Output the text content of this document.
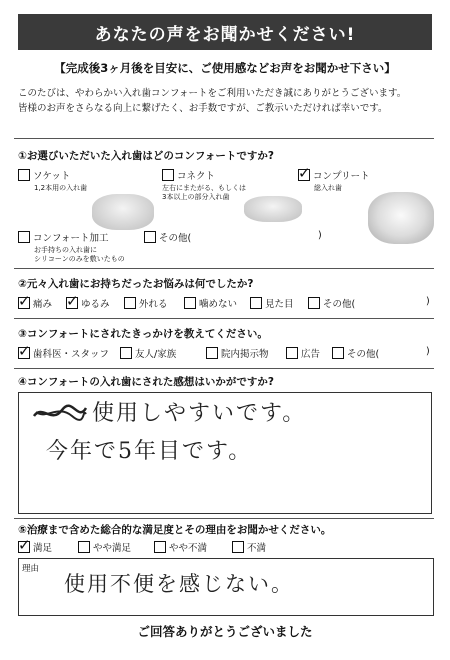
あなたの声をお聞かせください!
【完成後3ヶ月後を目安に、ご使用感などお声をお聞かせ下さい】
このたびは、やわらかい入れ歯コンフォートをご利用いただき誠にありがとうございます。
皆様のお声をさらなる向上に繋げたく、お手数ですが、ご教示いただければ幸いです。
①お選びいただいた入れ歯はどのコンフォートですか?
ソケット
1,2本用の入れ歯
コネクト
左右にまたがる、もしくは
3本以上の部分入れ歯
✓
コンプリート
総入れ歯
コンフォート加工
お手持ちの入れ歯に
シリコーンのみを敷いたもの
その他(	)
②元々入れ歯にお持ちだったお悩みは何でしたか?
✓
痛み
✓	ゆるみ	外れる	噛めない	見た目	その他(	)
③コンフォートにされたきっかけを教えてください。
✓
歯科医・スタッフ	友人/家族	院内掲示物	広告	その他(	)
④コンフォートの入れ歯にされた感想はいかがですか?
使用しやすいです。
今年で5年目です。
⑤治療まで含めた総合的な満足度とその理由をお聞かせください。
✓
満足	やや満足	やや不満	不満
理由
使用不便を感じない。
ご回答ありがとうございました
